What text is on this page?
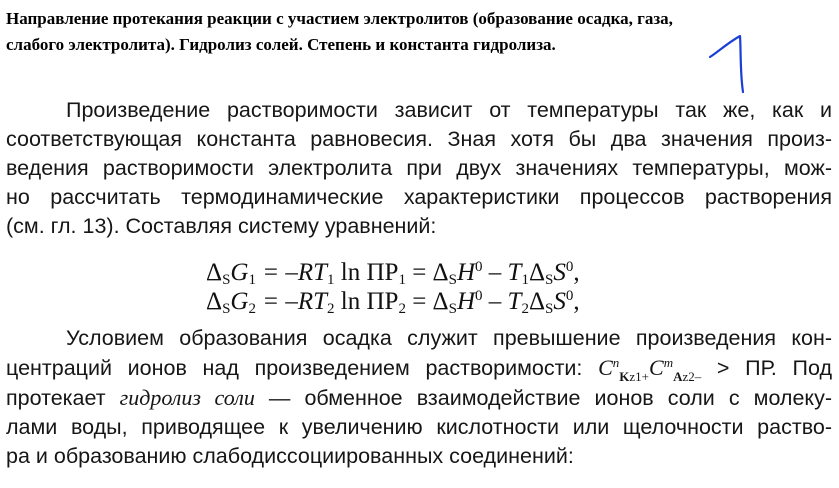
Направление протекания реакции с участием электролитов (образование осадка, газа,
слабого электролита). Гидролиз солей. Степень и константа гидролиза.
Произведение растворимости зависит от температуры так же, как и
соответствующая константа равновесия. Зная хотя бы два значения произ-
ведения растворимости электролита при двух значениях температуры, мож-
но рассчитать термодинамические характеристики процессов растворения
(см. гл. 13). Составляя систему уравнений:
$\Delta_SG_1 = -RT_1$ $\ln ПР_1 = \Delta_SH^0 - T_1\Delta_SS^0$,
$\Delta_SG_2 = -RT_2$ $\ln ПР_2 = \Delta_SH^0 - T_2\Delta_SS^0$,
Условием образования осадка служит превышение произведения кон-
центраций ионов над произведением растворимости: $C^n_{Kz1+}C^m_{Az2-}$ > ПР. Под
протекает гидролиз соли — обменное взаимодействие ионов соли с молеку-
лами воды, приводящее к увеличению кислотности или щелочности раство-
ра и образованию слабодиссоциированных соединений:
